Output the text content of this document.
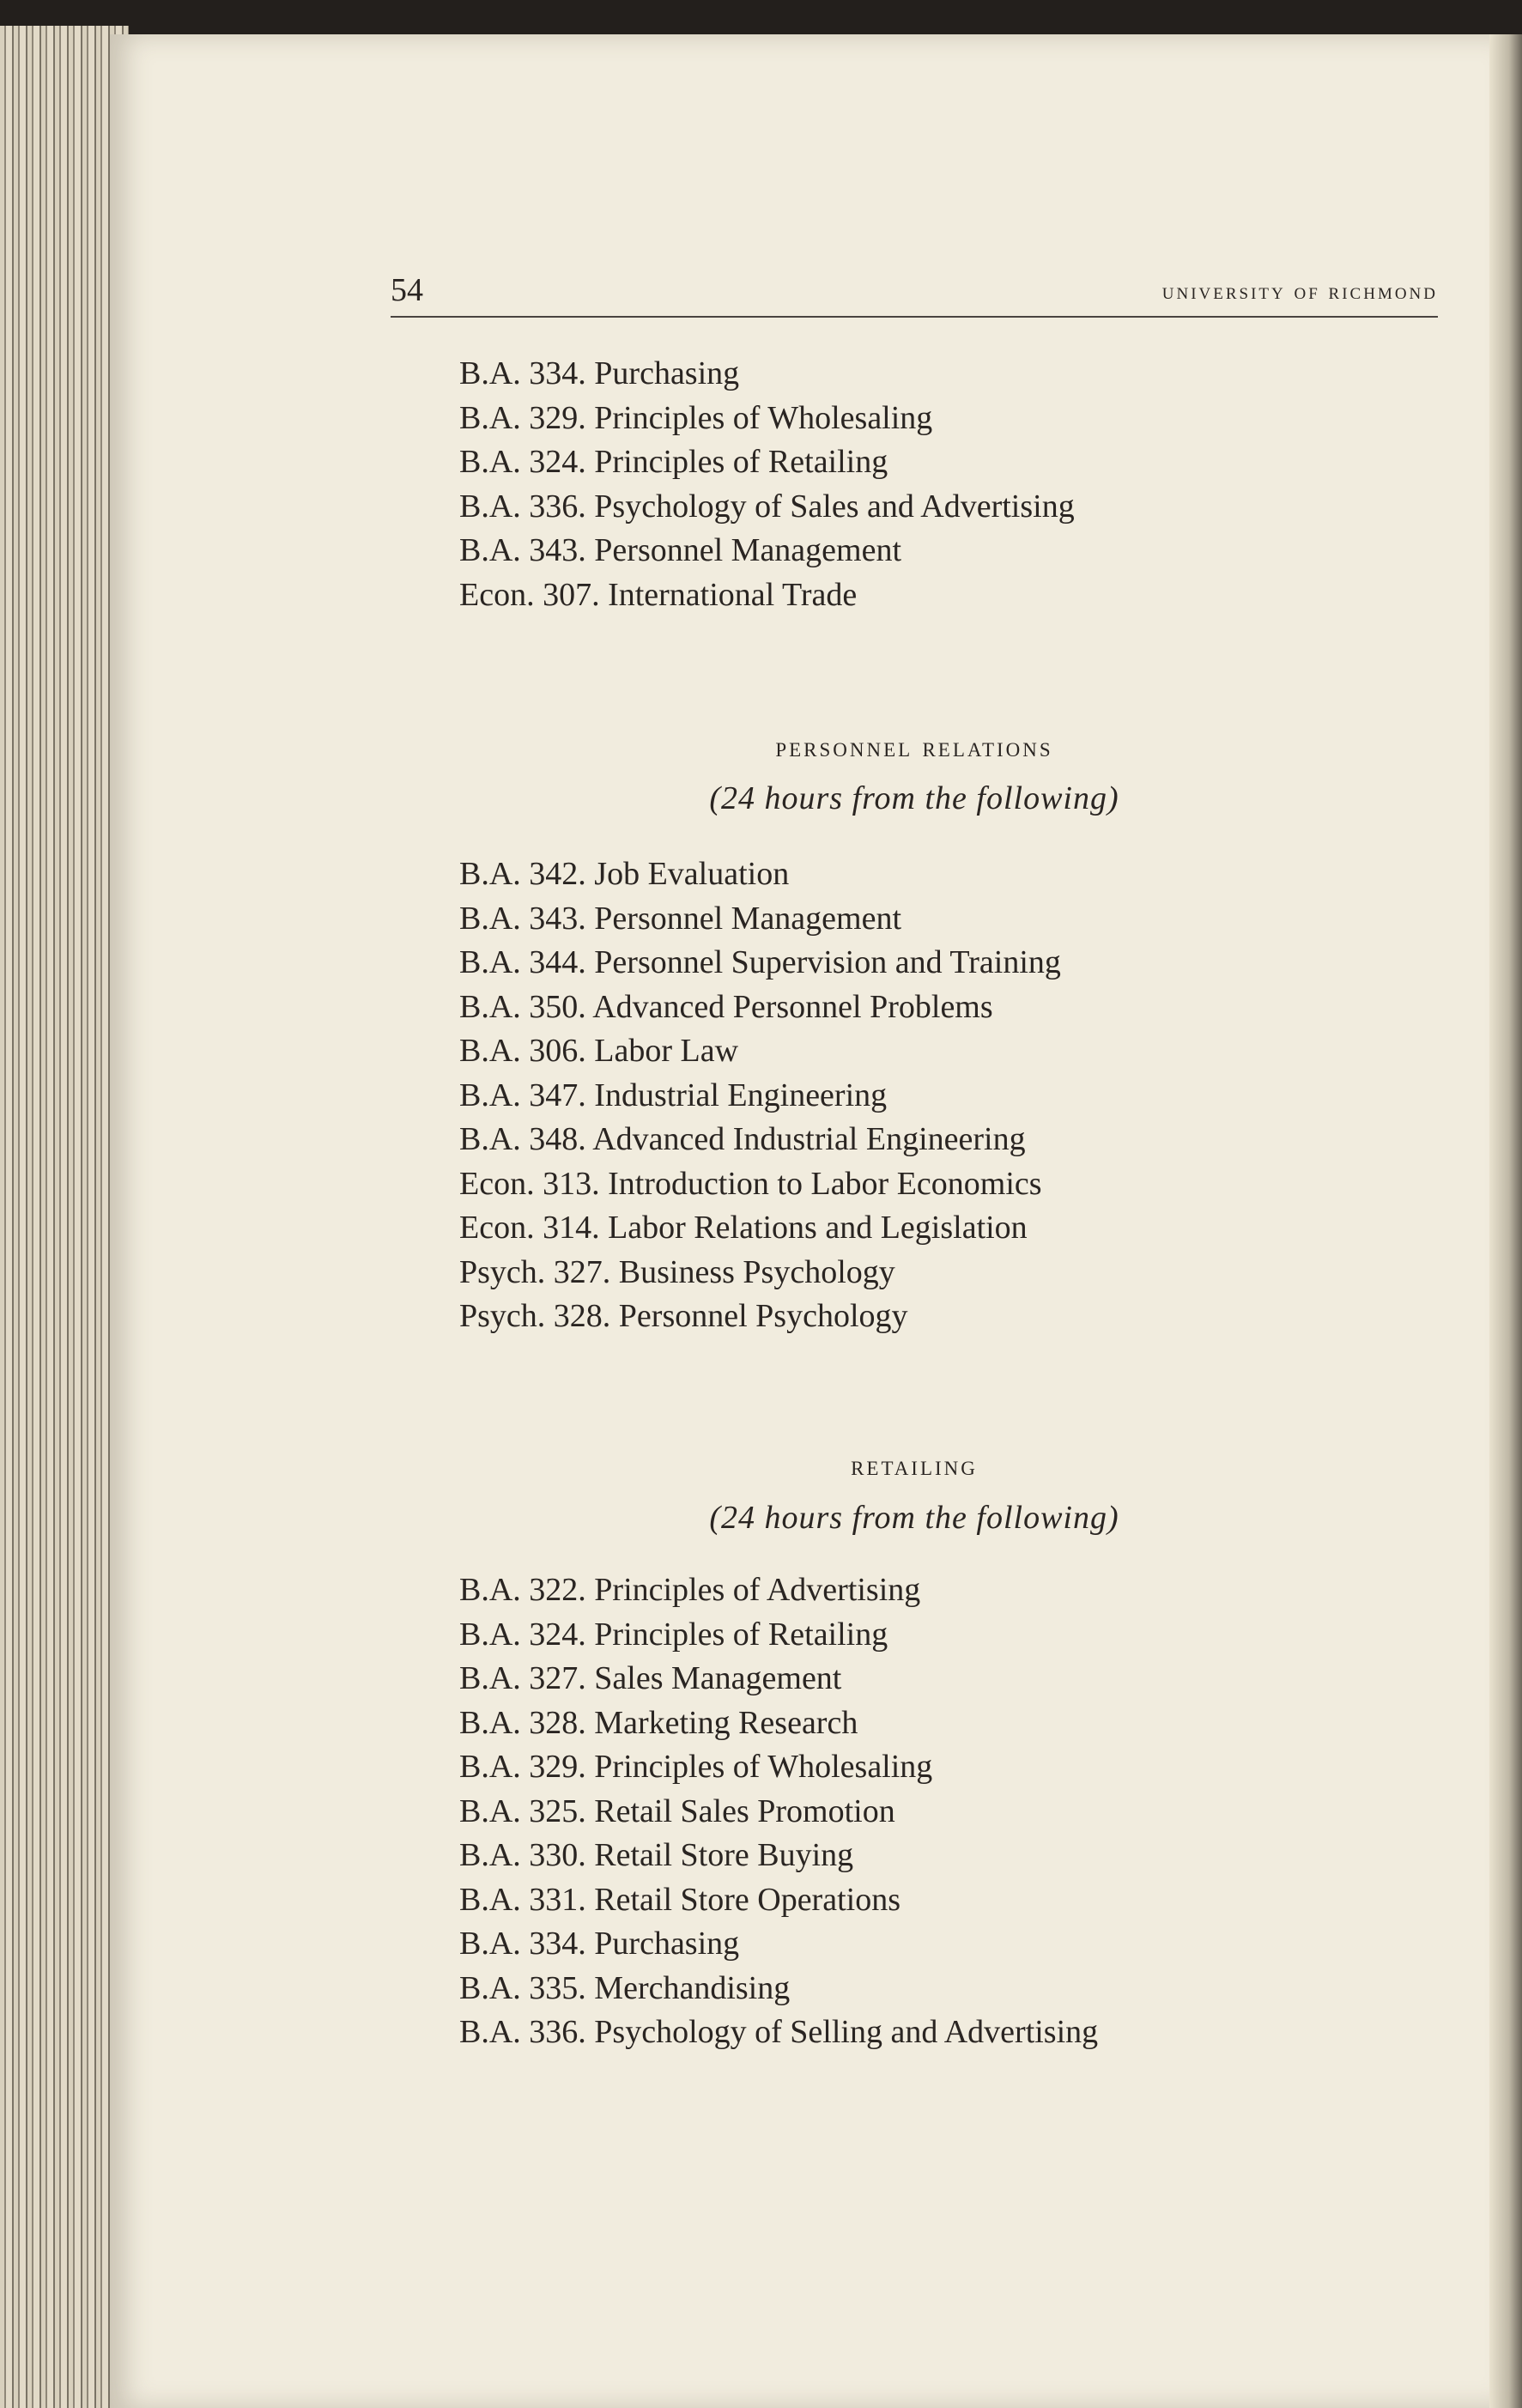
54	university of richmond
B.A. 334. Purchasing
B.A. 329. Principles of Wholesaling
B.A. 324. Principles of Retailing
B.A. 336. Psychology of Sales and Advertising
B.A. 343. Personnel Management
Econ. 307. International Trade
personnel relations
(24 hours from the following)
B.A. 342. Job Evaluation
B.A. 343. Personnel Management
B.A. 344. Personnel Supervision and Training
B.A. 350. Advanced Personnel Problems
B.A. 306. Labor Law
B.A. 347. Industrial Engineering
B.A. 348. Advanced Industrial Engineering
Econ. 313. Introduction to Labor Economics
Econ. 314. Labor Relations and Legislation
Psych. 327. Business Psychology
Psych. 328. Personnel Psychology
retailing
(24 hours from the following)
B.A. 322. Principles of Advertising
B.A. 324. Principles of Retailing
B.A. 327. Sales Management
B.A. 328. Marketing Research
B.A. 329. Principles of Wholesaling
B.A. 325. Retail Sales Promotion
B.A. 330. Retail Store Buying
B.A. 331. Retail Store Operations
B.A. 334. Purchasing
B.A. 335. Merchandising
B.A. 336. Psychology of Selling and Advertising
